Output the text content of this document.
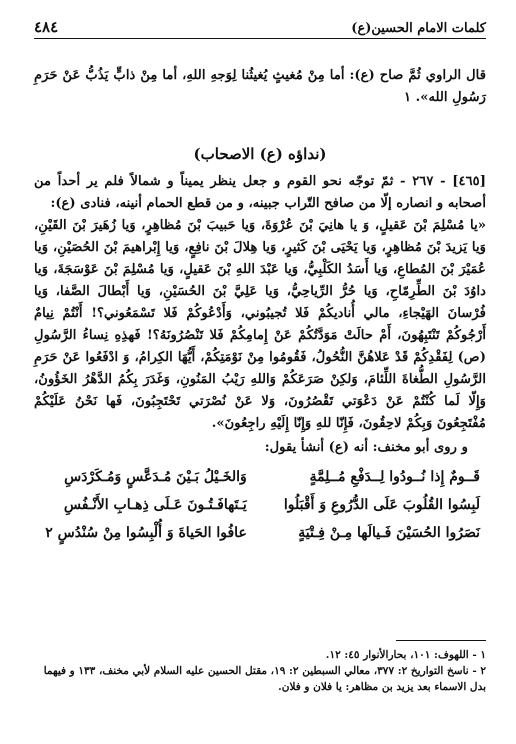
كلمات الامام الحسين(ع)
٤٨٤

قال الراوي ثُمَّ صاح (ع): أما مِنْ مُغيثٍ يُغيثُنا لِوَجهِ اللهِ، أما مِنْ ذابٍّ يَذُبُّ عَنْ حَرَمِ رَسُولِ الله». ١

(نداؤه (ع) الاصحاب)

[٤٦٥] - ٢٦٧ - ثمّ توجّه نحو القوم و جعل ينظر يميناً و شمالاً فلم ير أحداً من أصحابه و انصاره إلّا من صافح التّراب جبينه، و من قطع الحمام أنينه، فنادى (ع):

«يا مُسْلِمَ بْنَ عَقيلٍ، وَ يا هانِيَ بْنَ عُرْوَةَ، وَيا حَبيبَ بْنَ مُظاهِرٍ، وَيا زُهَيرَ بْنَ القَيْنِ، وَيا يَزيدَ بْنَ مُظاهِرٍ، وَيا يَحْيَى بْنَ كَثيرٍ، وَيا هِلالَ بْنَ نافِعٍ، وَيا إِبْراهيمَ بْنَ الحُصَيْنِ، وَيا عُمَيْرَ بْنَ المُطاعِ، وَيا أَسَدُ الكَلْبِيُّ، وَيا عَبْدَ اللهِ بْنَ عَقيلٍ، وَيا مُسْلِمَ بْنَ عَوْسَجَةَ، وَيا داوُدَ بْنَ الطِّرِمّاحِ، وَيا حُرُّ الرِّياحِيُّ، وَيا عَلِيَّ بْنَ الحُسَيْنِ، وَيا أَبْطالَ الصَّفا، وَيا فُرْسانَ الهَيْجاءِ، مالي أُناديكُمْ فَلا تُجيبُوني، وَأَدْعُوكُمْ فَلا تَسْمَعُوني؟! أَنْتُمْ نِيامٌ أَرْجُوكُمْ تَنْتَبِهُونَ، أَمْ حالَتْ مَوَدَّتُكُمْ عَنْ إِمامِكُمْ فَلا تَنْصُرُونَهُ؟! فَهذِهِ نِساءُ الرَّسُولِ (ص) لِفَقْدِكُمْ قَدْ عَلاهُنَّ النُّحُولُ، فَقُومُوا مِنْ نَوْمَتِكُمْ، أَيُّهَا الكِرامُ، وَ ادْفَعُوا عَنْ حَرَمِ الرَّسُولِ الطُّغاةَ اللِّئامَ، وَلكِنْ صَرَعَكُمْ وَاللهِ رَيْبُ المَنُونِ، وَغَدَرَ بِكُمُ الدَّهْرُ الخَؤُونُ، وَإِلّا لَما كُنْتُمْ عَنْ دَعْوَتي تَقْصُرُونَ، وَلا عَنْ نُصْرَتي تَحْتَجِبُونَ، فَها نَحْنُ عَلَيْكُمْ مُفْتَجِعُونَ وَبِكُمْ لاحِقُونَ، فَإِنّا للهِ وَإِنّا إِلَيْهِ راجِعُونَ».

و روى أبو مخنف: أنه (ع) أنشأ يقول:
قَــومٌ إِذا نُــودُوا لِــدَفْعِ مُــلِمَّةٍ
وَالخَـيْلُ بَـيْنَ مُـدَعَّسٍ وَمُـكَرْدَسِ
لَبِسُوا القُلُوبَ عَلَى الدُّرُوعِ وَ أَقْبَلُوا
يَـتَهافَـتُـونَ عَـلَى ذِهـابِ الأَنْـفُسِ
نَصَرُوا الحُسَيْنَ فَـيالَها مِـنْ فِـتْيَةٍ
عافُوا الحَياةَ وَ أُلْبِسُوا مِنْ سُنْدُسٍ ٢

١ - اللهوف: ١٠١، بحارالأنوار ٤٥: ١٢.

٢ - ناسخ التواريخ ٢: ٣٧٧، معالي السبطين ٢: ١٩، مقتل الحسين عليه السلام لأبي مخنف، ١٣٣ و فيهما بدل الاسماء بعد يزيد بن مظاهر: يا فلان و فلان.
